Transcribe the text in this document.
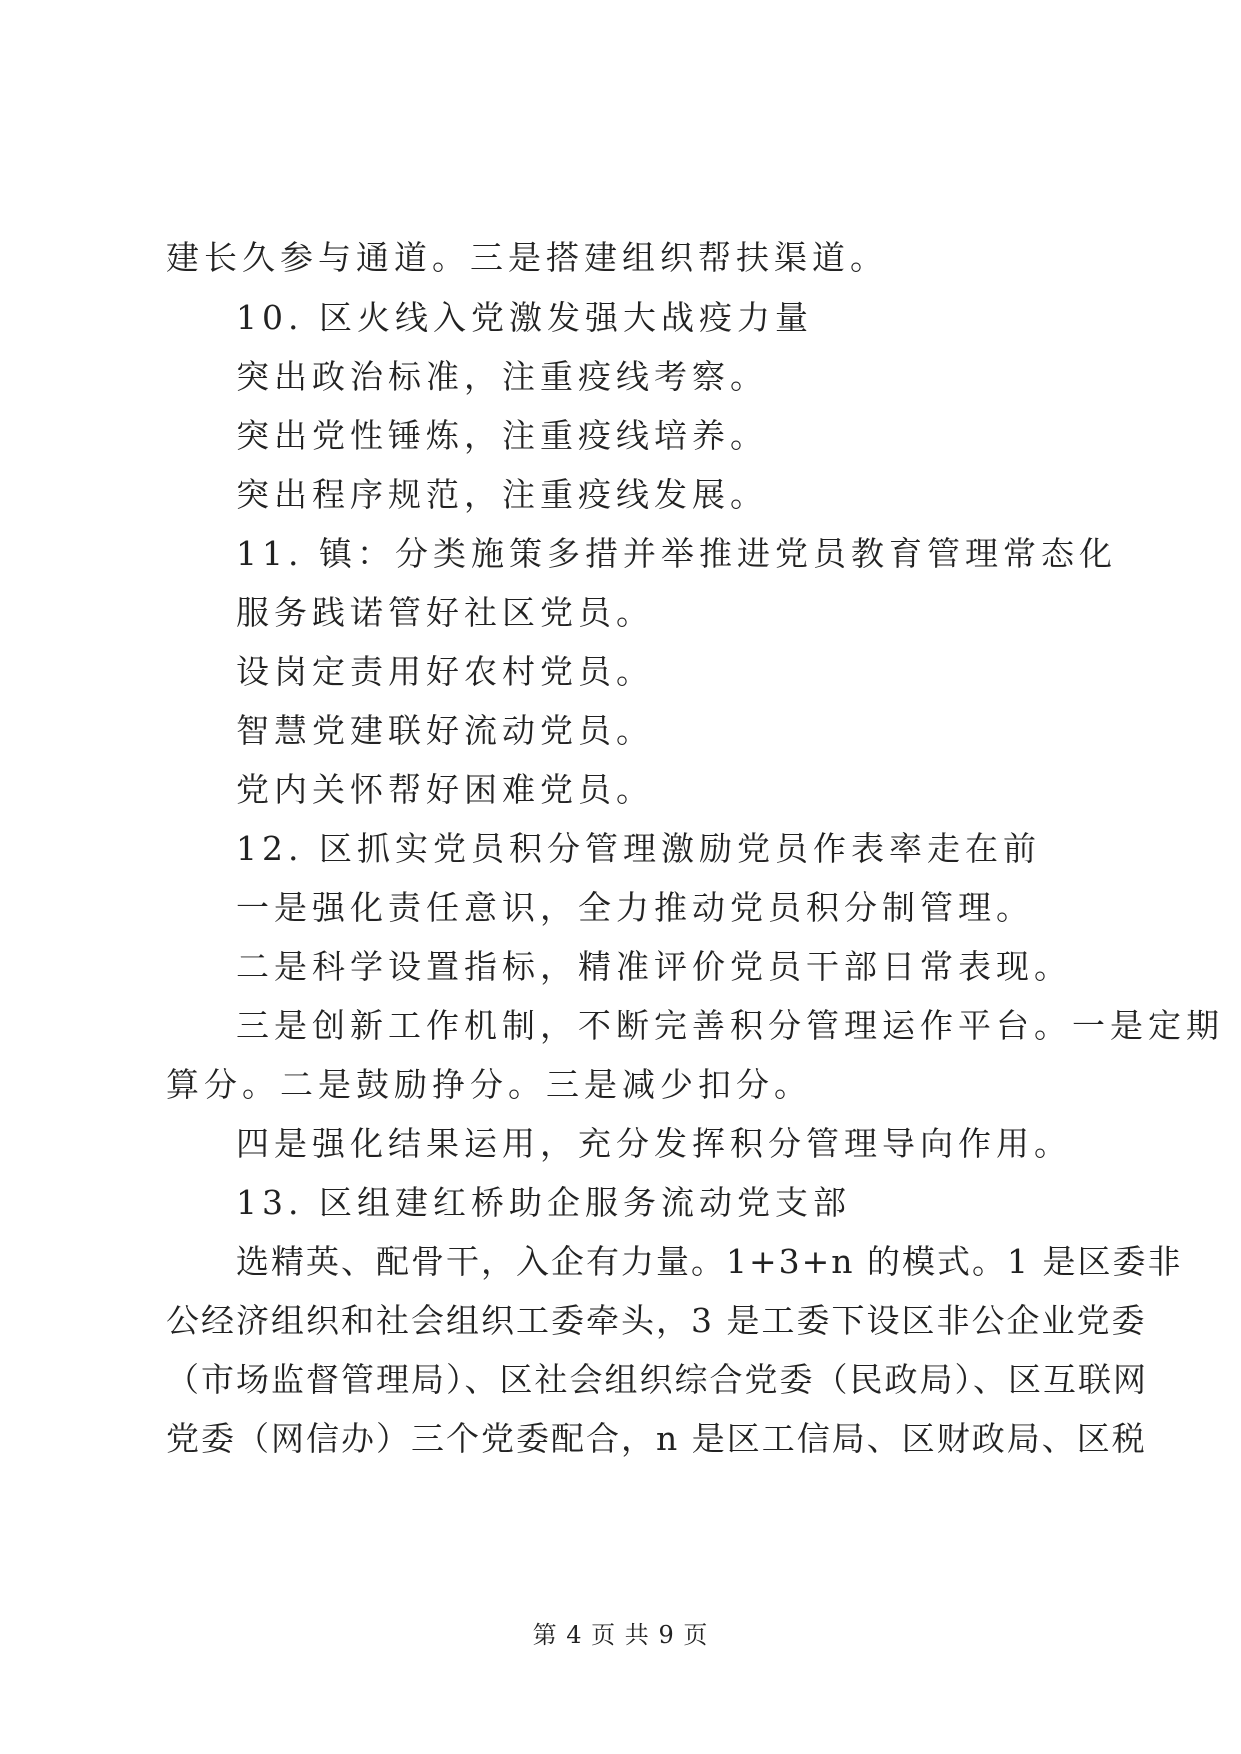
建长久参与通道。三是搭建组织帮扶渠道。
10. 区火线入党激发强大战疫力量
突出政治标准，注重疫线考察。
突出党性锤炼，注重疫线培养。
突出程序规范，注重疫线发展。
11. 镇：分类施策多措并举推进党员教育管理常态化
服务践诺管好社区党员。
设岗定责用好农村党员。
智慧党建联好流动党员。
党内关怀帮好困难党员。
12. 区抓实党员积分管理激励党员作表率走在前
一是强化责任意识，全力推动党员积分制管理。
二是科学设置指标，精准评价党员干部日常表现。
三是创新工作机制，不断完善积分管理运作平台。一是定期
算分。二是鼓励挣分。三是减少扣分。
四是强化结果运用，充分发挥积分管理导向作用。
13. 区组建红桥助企服务流动党支部
选精英、配骨干，入企有力量。1+3+n 的模式。1 是区委非
公经济组织和社会组织工委牵头，3 是工委下设区非公企业党委
（市场监督管理局）、区社会组织综合党委（民政局）、区互联网
党委（网信办）三个党委配合，n 是区工信局、区财政局、区税
第 4 页 共 9 页
